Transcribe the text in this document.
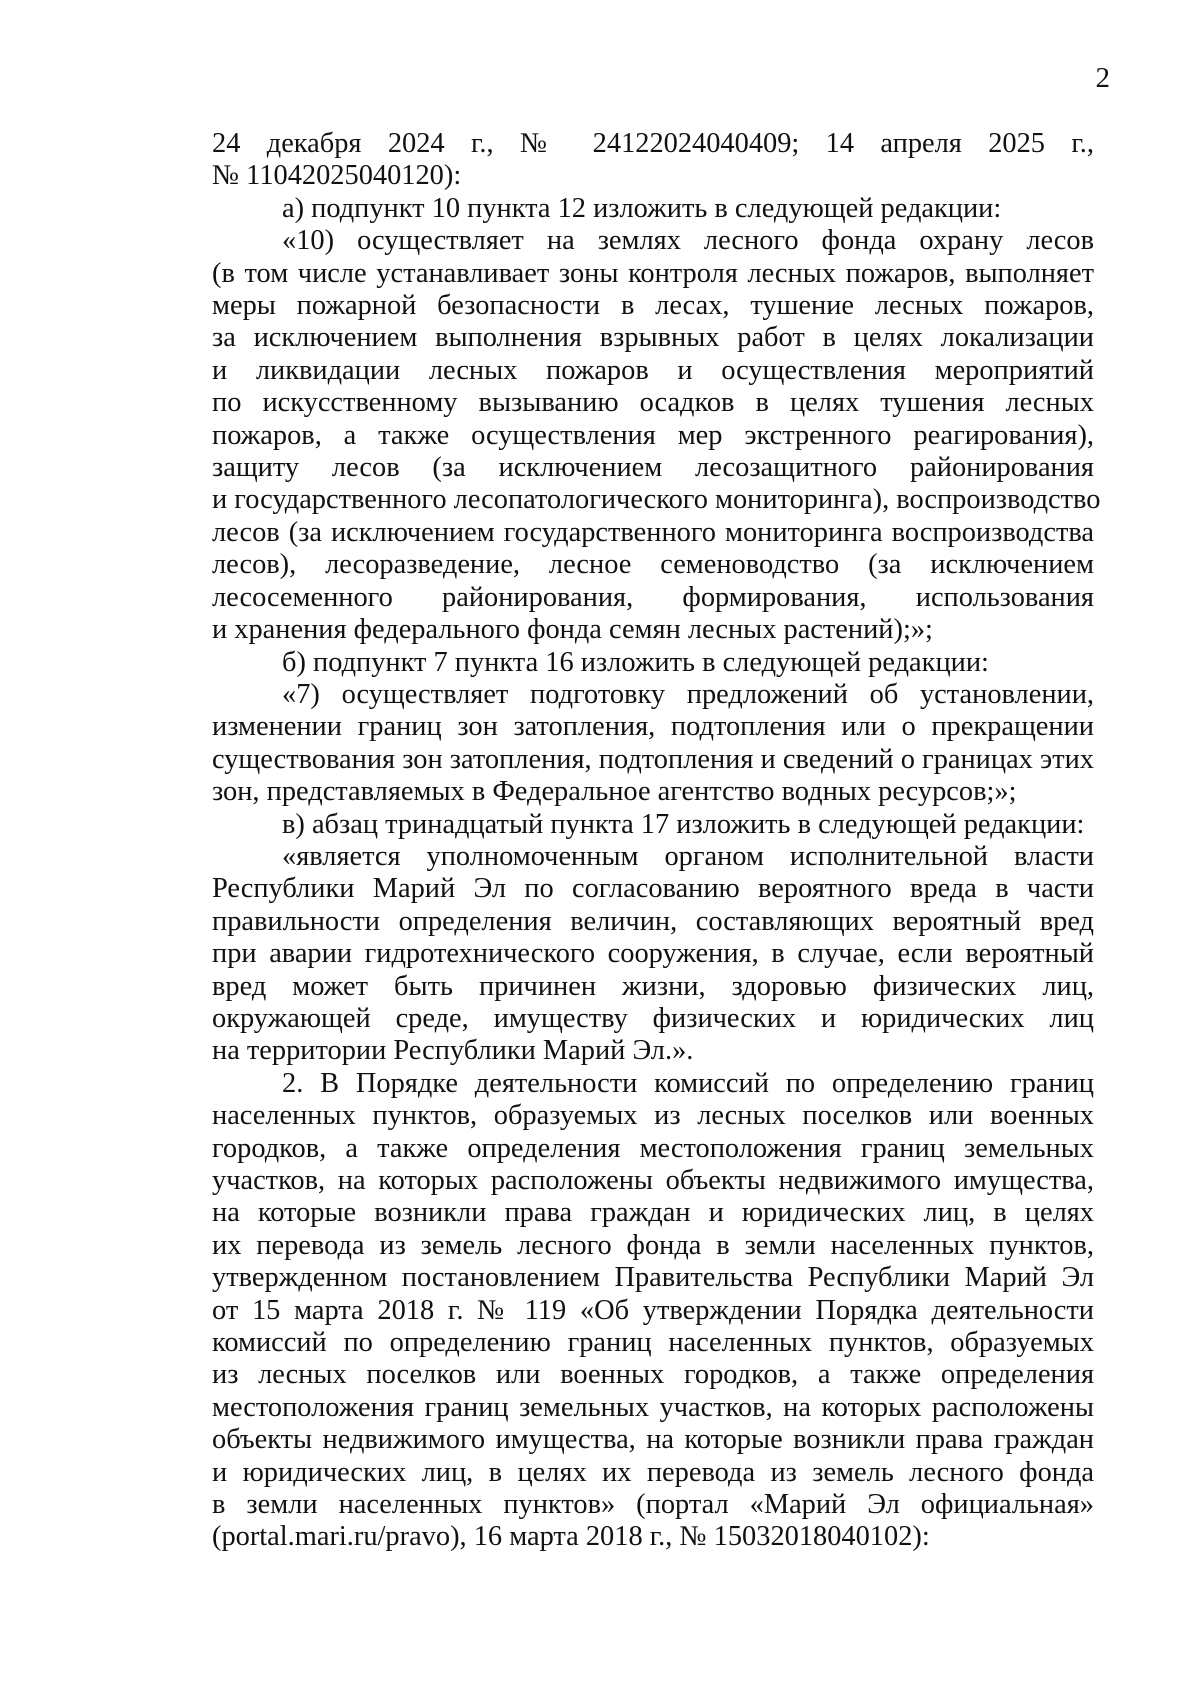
2
24 декабря 2024 г., № 24122024040409; 14 апреля 2025 г.,
№ 11042025040120):
а) подпункт 10 пункта 12 изложить в следующей редакции:
«10) осуществляет на землях лесного фонда охрану лесов
(в том числе устанавливает зоны контроля лесных пожаров, выполняет
меры пожарной безопасности в лесах, тушение лесных пожаров,
за исключением выполнения взрывных работ в целях локализации
и ликвидации лесных пожаров и осуществления мероприятий
по искусственному вызыванию осадков в целях тушения лесных
пожаров, а также осуществления мер экстренного реагирования),
защиту лесов (за исключением лесозащитного районирования
и государственного лесопатологического мониторинга), воспроизводство
лесов (за исключением государственного мониторинга воспроизводства
лесов), лесоразведение, лесное семеноводство (за исключением
лесосеменного районирования, формирования, использования
и хранения федерального фонда семян лесных растений);»;
б) подпункт 7 пункта 16 изложить в следующей редакции:
«7) осуществляет подготовку предложений об установлении,
изменении границ зон затопления, подтопления или о прекращении
существования зон затопления, подтопления и сведений о границах этих
зон, представляемых в Федеральное агентство водных ресурсов;»;
в) абзац тринадцатый пункта 17 изложить в следующей редакции:
«является уполномоченным органом исполнительной власти
Республики Марий Эл по согласованию вероятного вреда в части
правильности определения величин, составляющих вероятный вред
при аварии гидротехнического сооружения, в случае, если вероятный
вред может быть причинен жизни, здоровью физических лиц,
окружающей среде, имуществу физических и юридических лиц
на территории Республики Марий Эл.».
2. В Порядке деятельности комиссий по определению границ
населенных пунктов, образуемых из лесных поселков или военных
городков, а также определения местоположения границ земельных
участков, на которых расположены объекты недвижимого имущества,
на которые возникли права граждан и юридических лиц, в целях
их перевода из земель лесного фонда в земли населенных пунктов,
утвержденном постановлением Правительства Республики Марий Эл
от 15 марта 2018 г. № 119 «Об утверждении Порядка деятельности
комиссий по определению границ населенных пунктов, образуемых
из лесных поселков или военных городков, а также определения
местоположения границ земельных участков, на которых расположены
объекты недвижимого имущества, на которые возникли права граждан
и юридических лиц, в целях их перевода из земель лесного фонда
в земли населенных пунктов» (портал «Марий Эл официальная»
(portal.mari.ru/pravo), 16 марта 2018 г., № 15032018040102):
